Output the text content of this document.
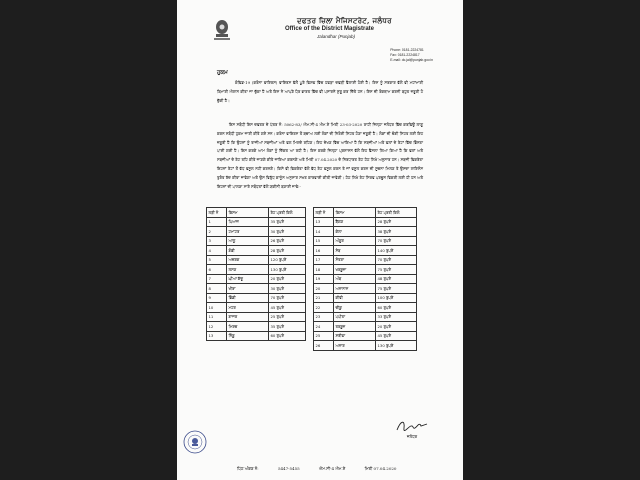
ਦਫਤਰ ਜ਼ਿਲਾ ਮੈਜਿਸਟਰੇਟ, ਜਲੰਧਰ
Office of the District Magistrate
Jalandhar (Punjab)
Phone: 0181-2224781
Fax: 0181-2224817
E-mail: dc.jal@punjab.gov.in
ਹੁਕਮ
ਕੋਵਿਡ-19 (ਕਰੋਨਾ ਵਾਇਰਸ) ਵਾਇਰਸ ਵੱਲੋਂ ਪੂਰੇ ਵਿਸ਼ਵ ਵਿੱਚ ਹਫੜਾ ਦਫੜੀ ਫੈਲਾਈ ਹੋਈ ਹੈ। ਇਸ ਨੂੰ ਸਰਕਾਰ ਵੱਲੋਂ ਵੀ ਮਹਾਂਮਾਰੀ ਬਿਮਾਰੀ ਐਲਾਨ ਕੀਤਾ ਜਾ ਚੁੱਕਾ ਹੈ ਅਤੇ ਇਸ ਨੇ ਆਪਣੇ ਪੈਰ ਭਾਰਤ ਵਿੱਚ ਵੀ ਪਸਾਰਨੇ ਸ਼ੁਰੂ ਕਰ ਦਿੱਤੇ ਹਨ। ਇਸ ਦੀ ਰੋਕਥਾਮ ਕਰਨੀ ਬਹੁਤ ਜ਼ਰੂਰੀ ਹੋ ਚੁੱਕੀ ਹੈ।
ਇਸ ਸਬੰਧੀ ਇਸ ਦਫਤਰ ਦੇ ਪੱਤਰ ਨੰ: 5062-83/ ਐਮ.ਸੀ-4 ਐਮ.ਏ ਮਿਤੀ 23-03-2020 ਰਾਹੀਂ ਜ਼ਿਲ੍ਹਾ ਜਲੰਧਰ ਵਿੱਚ ਕਰਫਿਊ ਲਾਗੂ ਕਰਨ ਸਬੰਧੀ ਹੁਕਮ ਜਾਰੀ ਕੀਤੇ ਗਏ ਸਨ। ਕਰੋਨਾ ਵਾਇਰਸ ਤੋਂ ਬਚਾਅ ਲਈ ਲੋਕਾਂ ਦੀ ਨਿਰੋਈ ਸਿਹਤ ਹੋਣਾ ਜ਼ਰੂਰੀ ਹੈ। ਲੋਕਾਂ ਦੀ ਚੰਗੀ ਸਿਹਤ ਲਈ ਇਹ ਜ਼ਰੂਰੀ ਹੈ ਕਿ ਉਹਨਾਂ ਨੂੰ ਤਾਜੀਆਂ ਸਬਜੀਆਂ ਅਤੇ ਫਲ ਮਿਲਦੇ ਰਹਿਣ। ਇਹ ਦੇਖਣ ਵਿੱਚ ਆਇਆ ਹੈ ਕਿ ਸਬਜੀਆਂ ਅਤੇ ਫਲਾਂ ਦੇ ਰੇਟਾਂ ਵਿੱਚ ਭਿੰਨਤਾ ਪਾਈ ਗਈ ਹੈ। ਇਸ ਕਰਕੇ ਆਮ ਲੋਕਾਂ ਨੂੰ ਦਿੱਕਤ ਆ ਰਹੀ ਹੈ। ਇਸ ਕਰਕੇ ਜ਼ਿਲ੍ਹਾ ਪ੍ਰਸ਼ਾਸਨ ਵੱਲੋਂ ਇਹ ਫੈਸਲਾ ਲਿਆ ਗਿਆ ਹੈ ਕਿ ਫਲਾਂ ਅਤੇ ਸਬਜੀਆਂ ਦੇ ਰੇਟ ਤਹਿ ਕੀਤੇ ਜਾਣਗੇ ਕੀਤੇ ਜਾਇਆ ਕਰਨਗੇ ਅਤੇ ਮਿਤੀ 07.04.2020 ਦੇ ਨਿਰਧਾਰਤ ਰੇਟ ਹੇਠ ਲਿਖੇ ਅਨੁਸਾਰ ਹਨ। ਸਬਜੀ ਵਿਕਰੇਤਾ ਇਹਨਾਂ ਰੇਟਾਂ ਤੋਂ ਵੱਧ ਵਸੂਲ ਨਹੀਂ ਕਰਨਗੇ। ਕਿਸੇ ਵੀ ਵਿਕਰੇਤਾ ਵੱਲੋਂ ਵੱਧ ਰੇਟ ਵਸੂਲ ਕਰਨ ਤੇ ਜਾਂ ਵਸੂਲ ਕਰਨ ਦੀ ਸੂਚਨਾ ਮਿਲਣ ਤੇ ਉਸਦਾ ਲਾਇਸੰਸ ਤੁਰੰਤ ਰੱਦ ਕੀਤਾ ਜਾਵੇਗਾ ਅਤੇ ਉਸ ਵਿਰੁੱਧ ਕਾਨੂੰਨ ਅਨੁਸਾਰ ਸਖਤ ਕਾਰਵਾਈ ਕੀਤੀ ਜਾਵੇਗੀ। ਹੇਠ ਲਿਖੇ ਰੇਟ ਸਿਰਫ ਪਰਚੂਨ ਵਿਕਰੀ ਲਈ ਹੀ ਹਨ ਅਤੇ ਇਹਨਾਂ ਦੀ ਪਾਲਣਾ ਸਾਰੇ ਸਬੰਧਤਾਂ ਵੱਲੋਂ ਯਕੀਨੀ ਬਣਾਈ ਜਾਵੇ:-
ਲੜੀ ਨੰ	ਕਿਸਮ	ਰੇਟ ਪ੍ਰਤੀ ਕਿਲੋ
1	ਪਿਆਜ਼	35 ਰੁਪਏ
2	ਟਮਾਟਰ	30 ਰੁਪਏ
3	ਆਲੂ	26 ਰੁਪਏ
4	ਗੋਭੀ	28 ਰੁਪਏ
5	ਅਦਰਕ	120 ਰੁਪਏ
6	ਲਸਣ	130 ਰੁਪਏ
7	ਘੀਆ ਕੱਦੂ	20 ਰੁਪਏ
8	ਖੀਰਾ	30 ਰੁਪਏ
9	ਭਿੰਡੀ	70 ਰੁਪਏ
10	ਮਟਰ	45 ਰੁਪਏ
11	ਗਾਜਰ	25 ਰੁਪਏ
12	ਮਿਰਚ	35 ਰੁਪਏ
13	ਨਿੰਬੂ	60 ਰੁਪਏ
ਲੜੀ ਨੰ	ਕਿਸਮ	ਰੇਟ ਪ੍ਰਤੀ ਕਿਲੋ
13	ਬੈਂਗਣ	28 ਰੁਪਏ
14	ਕੇਲਾ	38 ਰੁਪਏ
15	ਅੰਗੂਰ	70 ਰੁਪਏ
16	ਸੇਬ	140 ਰੁਪਏ
17	ਸੰਤਰਾ	70 ਰੁਪਏ
18	ਖਰਬੂਜ਼ਾ	75 ਰੁਪਏ
19	ਅੰਬ	48 ਰੁਪਏ
20	ਅਨਾਨਾਸ	75 ਰੁਪਏ
21	ਕੀਵੀ	100 ਰੁਪਏ
22	ਚੀਕੂ	60 ਰੁਪਏ
23	ਪਪੀਤਾ	33 ਰੁਪਏ
24	ਤਰਬੂਜ਼	20 ਰੁਪਏ
25	ਸ਼ਰੀਫਾ	45 ਰੁਪਏ
26	ਅਨਾਰ	130 ਰੁਪਏ
ਜਲੰਧਰ
ਪਿੱਠ ਅੰਕਣ ਨੰ:	5447-5455	ਐਮ.ਸੀ-4 ਐਮ.ਏ	ਮਿਤੀ 07.04.2020
